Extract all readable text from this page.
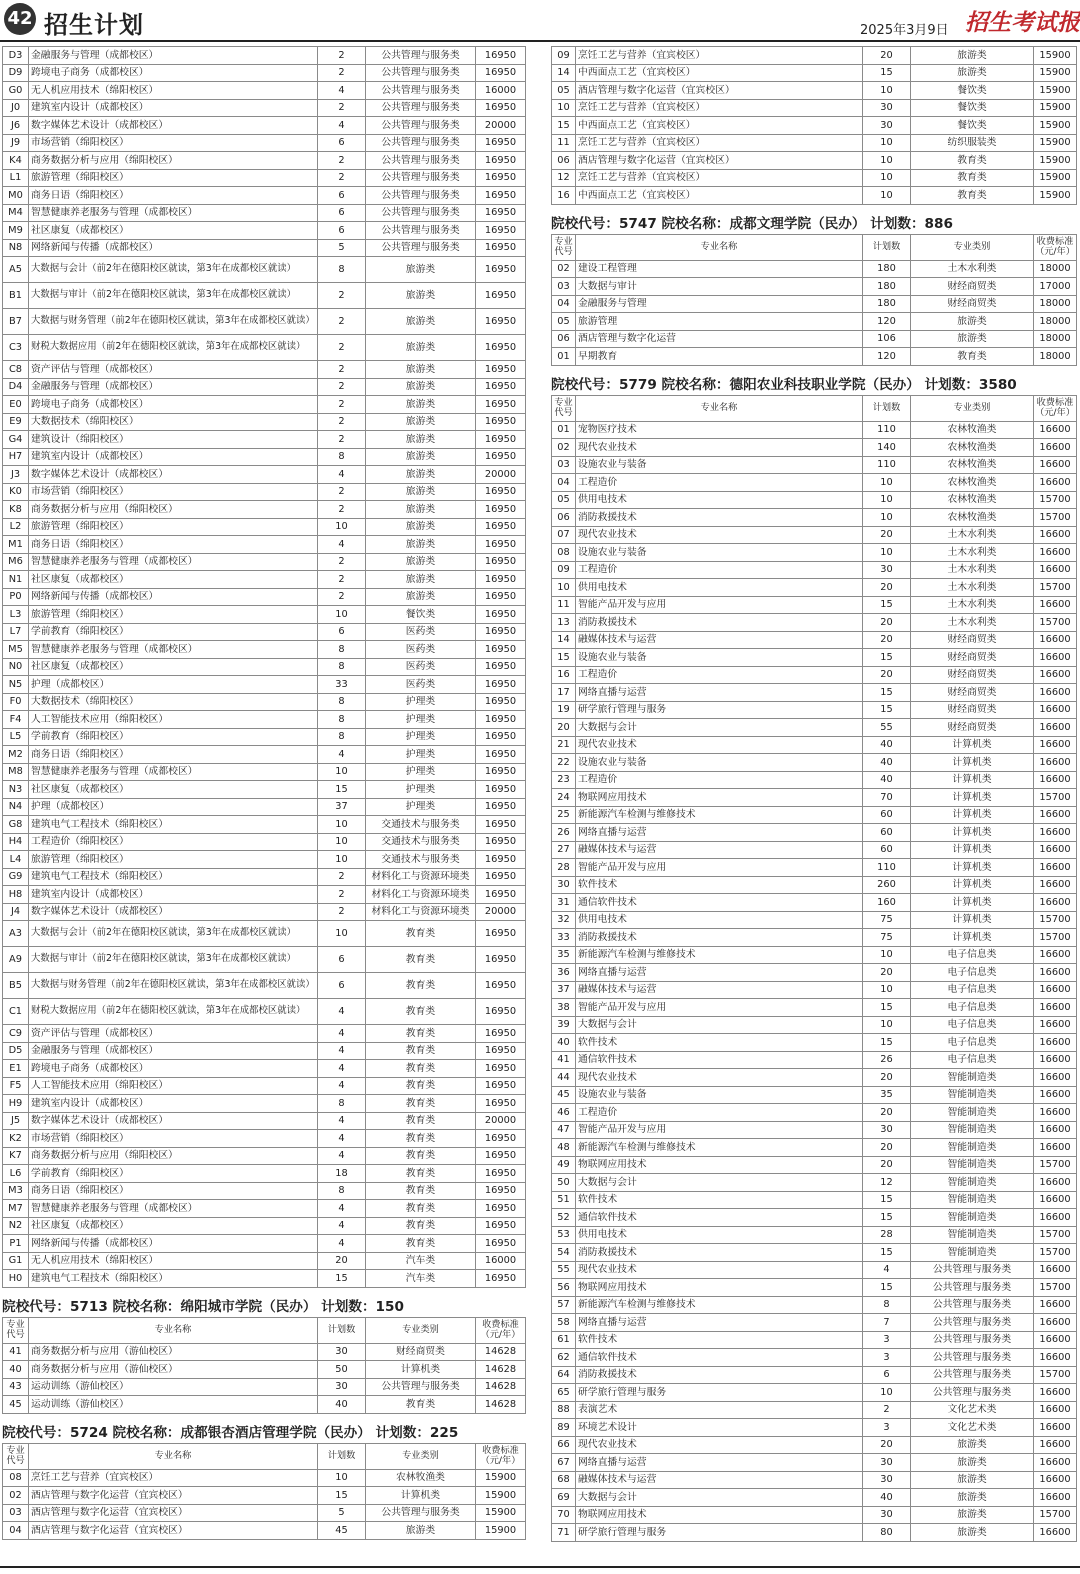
42 招生计划	2025年3月9日 招生考试报
D3	金融服务与管理（成都校区）	2	公共管理与服务类	16950
D9	跨境电子商务（成都校区）	2	公共管理与服务类	16950
G0	无人机应用技术（绵阳校区）	4	公共管理与服务类	16000
J0	建筑室内设计（成都校区）	2	公共管理与服务类	16950
J6	数字媒体艺术设计（成都校区）	4	公共管理与服务类	20000
J9	市场营销（绵阳校区）	6	公共管理与服务类	16950
K4	商务数据分析与应用（绵阳校区）	2	公共管理与服务类	16950
L1	旅游管理（绵阳校区）	2	公共管理与服务类	16950
M0	商务日语（绵阳校区）	6	公共管理与服务类	16950
M4	智慧健康养老服务与管理（成都校区）	6	公共管理与服务类	16950
M9	社区康复（成都校区）	6	公共管理与服务类	16950
N8	网络新闻与传播（成都校区）	5	公共管理与服务类	16950
A5	大数据与会计（前2年在德阳校区就读，第3年在成都校区就读）	8	旅游类	16950
B1	大数据与审计（前2年在德阳校区就读，第3年在成都校区就读）	2	旅游类	16950
B7	大数据与财务管理（前2年在德阳校区就读，第3年在成都校区就读）	2	旅游类	16950
C3	财税大数据应用（前2年在德阳校区就读，第3年在成都校区就读）	2	旅游类	16950
C8	资产评估与管理（成都校区）	2	旅游类	16950
D4	金融服务与管理（成都校区）	2	旅游类	16950
E0	跨境电子商务（成都校区）	2	旅游类	16950
E9	大数据技术（绵阳校区）	2	旅游类	16950
G4	建筑设计（绵阳校区）	2	旅游类	16950
H7	建筑室内设计（成都校区）	8	旅游类	16950
J3	数字媒体艺术设计（成都校区）	4	旅游类	20000
K0	市场营销（绵阳校区）	2	旅游类	16950
K8	商务数据分析与应用（绵阳校区）	2	旅游类	16950
L2	旅游管理（绵阳校区）	10	旅游类	16950
M1	商务日语（绵阳校区）	4	旅游类	16950
M6	智慧健康养老服务与管理（成都校区）	2	旅游类	16950
N1	社区康复（成都校区）	2	旅游类	16950
P0	网络新闻与传播（成都校区）	2	旅游类	16950
L3	旅游管理（绵阳校区）	10	餐饮类	16950
L7	学前教育（绵阳校区）	6	医药类	16950
M5	智慧健康养老服务与管理（成都校区）	8	医药类	16950
N0	社区康复（成都校区）	8	医药类	16950
N5	护理（成都校区）	33	医药类	16950
F0	大数据技术（绵阳校区）	8	护理类	16950
F4	人工智能技术应用（绵阳校区）	8	护理类	16950
L5	学前教育（绵阳校区）	8	护理类	16950
M2	商务日语（绵阳校区）	4	护理类	16950
M8	智慧健康养老服务与管理（成都校区）	10	护理类	16950
N3	社区康复（成都校区）	15	护理类	16950
N4	护理（成都校区）	37	护理类	16950
G8	建筑电气工程技术（绵阳校区）	10	交通技术与服务类	16950
H4	工程造价（绵阳校区）	10	交通技术与服务类	16950
L4	旅游管理（绵阳校区）	10	交通技术与服务类	16950
G9	建筑电气工程技术（绵阳校区）	2	材料化工与资源环境类	16950
H8	建筑室内设计（成都校区）	2	材料化工与资源环境类	16950
J4	数字媒体艺术设计（成都校区）	2	材料化工与资源环境类	20000
A3	大数据与会计（前2年在德阳校区就读，第3年在成都校区就读）	10	教育类	16950
A9	大数据与审计（前2年在德阳校区就读，第3年在成都校区就读）	6	教育类	16950
B5	大数据与财务管理（前2年在德阳校区就读，第3年在成都校区就读）	6	教育类	16950
C1	财税大数据应用（前2年在德阳校区就读，第3年在成都校区就读）	4	教育类	16950
C9	资产评估与管理（成都校区）	4	教育类	16950
D5	金融服务与管理（成都校区）	4	教育类	16950
E1	跨境电子商务（成都校区）	4	教育类	16950
F5	人工智能技术应用（绵阳校区）	4	教育类	16950
H9	建筑室内设计（成都校区）	8	教育类	16950
J5	数字媒体艺术设计（成都校区）	4	教育类	20000
K2	市场营销（绵阳校区）	4	教育类	16950
K7	商务数据分析与应用（绵阳校区）	4	教育类	16950
L6	学前教育（绵阳校区）	18	教育类	16950
M3	商务日语（绵阳校区）	8	教育类	16950
M7	智慧健康养老服务与管理（成都校区）	4	教育类	16950
N2	社区康复（成都校区）	4	教育类	16950
P1	网络新闻与传播（成都校区）	4	教育类	16950
G1	无人机应用技术（绵阳校区）	20	汽车类	16000
H0	建筑电气工程技术（绵阳校区）	15	汽车类	16950
院校代号：5713 院校名称：绵阳城市学院（民办） 计划数：150
专业代号	专业名称	计划数	专业类别	收费标准（元/年）
41	商务数据分析与应用（游仙校区）	30	财经商贸类	14628
40	商务数据分析与应用（游仙校区）	50	计算机类	14628
43	运动训练（游仙校区）	30	公共管理与服务类	14628
45	运动训练（游仙校区）	40	教育类	14628
院校代号：5724 院校名称：成都银杏酒店管理学院（民办） 计划数：225
专业代号	专业名称	计划数	专业类别	收费标准（元/年）
08	烹饪工艺与营养（宜宾校区）	10	农林牧渔类	15900
02	酒店管理与数字化运营（宜宾校区）	15	计算机类	15900
03	酒店管理与数字化运营（宜宾校区）	5	公共管理与服务类	15900
04	酒店管理与数字化运营（宜宾校区）	45	旅游类	15900
09	烹饪工艺与营养（宜宾校区）	20	旅游类	15900
14	中西面点工艺（宜宾校区）	15	旅游类	15900
05	酒店管理与数字化运营（宜宾校区）	10	餐饮类	15900
10	烹饪工艺与营养（宜宾校区）	30	餐饮类	15900
15	中西面点工艺（宜宾校区）	30	餐饮类	15900
11	烹饪工艺与营养（宜宾校区）	10	纺织服装类	15900
06	酒店管理与数字化运营（宜宾校区）	10	教育类	15900
12	烹饪工艺与营养（宜宾校区）	10	教育类	15900
16	中西面点工艺（宜宾校区）	10	教育类	15900
院校代号：5747 院校名称：成都文理学院（民办） 计划数：886
专业代号	专业名称	计划数	专业类别	收费标准（元/年）
02	建设工程管理	180	土木水利类	18000
03	大数据与审计	180	财经商贸类	17000
04	金融服务与管理	180	财经商贸类	18000
05	旅游管理	120	旅游类	18000
06	酒店管理与数字化运营	106	旅游类	18000
01	早期教育	120	教育类	18000
院校代号：5779 院校名称：德阳农业科技职业学院（民办） 计划数：3580
专业代号	专业名称	计划数	专业类别	收费标准（元/年）
01	宠物医疗技术	110	农林牧渔类	16600
02	现代农业技术	140	农林牧渔类	16600
03	设施农业与装备	110	农林牧渔类	16600
04	工程造价	10	农林牧渔类	16600
05	供用电技术	10	农林牧渔类	15700
06	消防救援技术	10	农林牧渔类	15700
07	现代农业技术	20	土木水利类	16600
08	设施农业与装备	10	土木水利类	16600
09	工程造价	30	土木水利类	16600
10	供用电技术	20	土木水利类	15700
11	智能产品开发与应用	15	土木水利类	16600
13	消防救援技术	20	土木水利类	15700
14	融媒体技术与运营	20	财经商贸类	16600
15	设施农业与装备	15	财经商贸类	16600
16	工程造价	20	财经商贸类	16600
17	网络直播与运营	15	财经商贸类	16600
19	研学旅行管理与服务	15	财经商贸类	16600
20	大数据与会计	55	财经商贸类	16600
21	现代农业技术	40	计算机类	16600
22	设施农业与装备	40	计算机类	16600
23	工程造价	40	计算机类	16600
24	物联网应用技术	70	计算机类	15700
25	新能源汽车检测与维修技术	60	计算机类	16600
26	网络直播与运营	60	计算机类	16600
27	融媒体技术与运营	60	计算机类	16600
28	智能产品开发与应用	110	计算机类	16600
30	软件技术	260	计算机类	16600
31	通信软件技术	160	计算机类	16600
32	供用电技术	75	计算机类	15700
33	消防救援技术	75	计算机类	15700
35	新能源汽车检测与维修技术	10	电子信息类	16600
36	网络直播与运营	20	电子信息类	16600
37	融媒体技术与运营	10	电子信息类	16600
38	智能产品开发与应用	15	电子信息类	16600
39	大数据与会计	10	电子信息类	16600
40	软件技术	15	电子信息类	16600
41	通信软件技术	26	电子信息类	16600
44	现代农业技术	20	智能制造类	16600
45	设施农业与装备	35	智能制造类	16600
46	工程造价	20	智能制造类	16600
47	智能产品开发与应用	30	智能制造类	16600
48	新能源汽车检测与维修技术	20	智能制造类	16600
49	物联网应用技术	20	智能制造类	15700
50	大数据与会计	12	智能制造类	16600
51	软件技术	15	智能制造类	16600
52	通信软件技术	15	智能制造类	16600
53	供用电技术	28	智能制造类	15700
54	消防救援技术	15	智能制造类	15700
55	现代农业技术	4	公共管理与服务类	16600
56	物联网应用技术	15	公共管理与服务类	15700
57	新能源汽车检测与维修技术	8	公共管理与服务类	16600
58	网络直播与运营	7	公共管理与服务类	16600
61	软件技术	3	公共管理与服务类	16600
62	通信软件技术	3	公共管理与服务类	16600
64	消防救援技术	6	公共管理与服务类	15700
65	研学旅行管理与服务	10	公共管理与服务类	16600
88	表演艺术	2	文化艺术类	16600
89	环境艺术设计	3	文化艺术类	16600
66	现代农业技术	20	旅游类	16600
67	网络直播与运营	30	旅游类	16600
68	融媒体技术与运营	30	旅游类	16600
69	大数据与会计	40	旅游类	16600
70	物联网应用技术	30	旅游类	15700
71	研学旅行管理与服务	80	旅游类	16600
